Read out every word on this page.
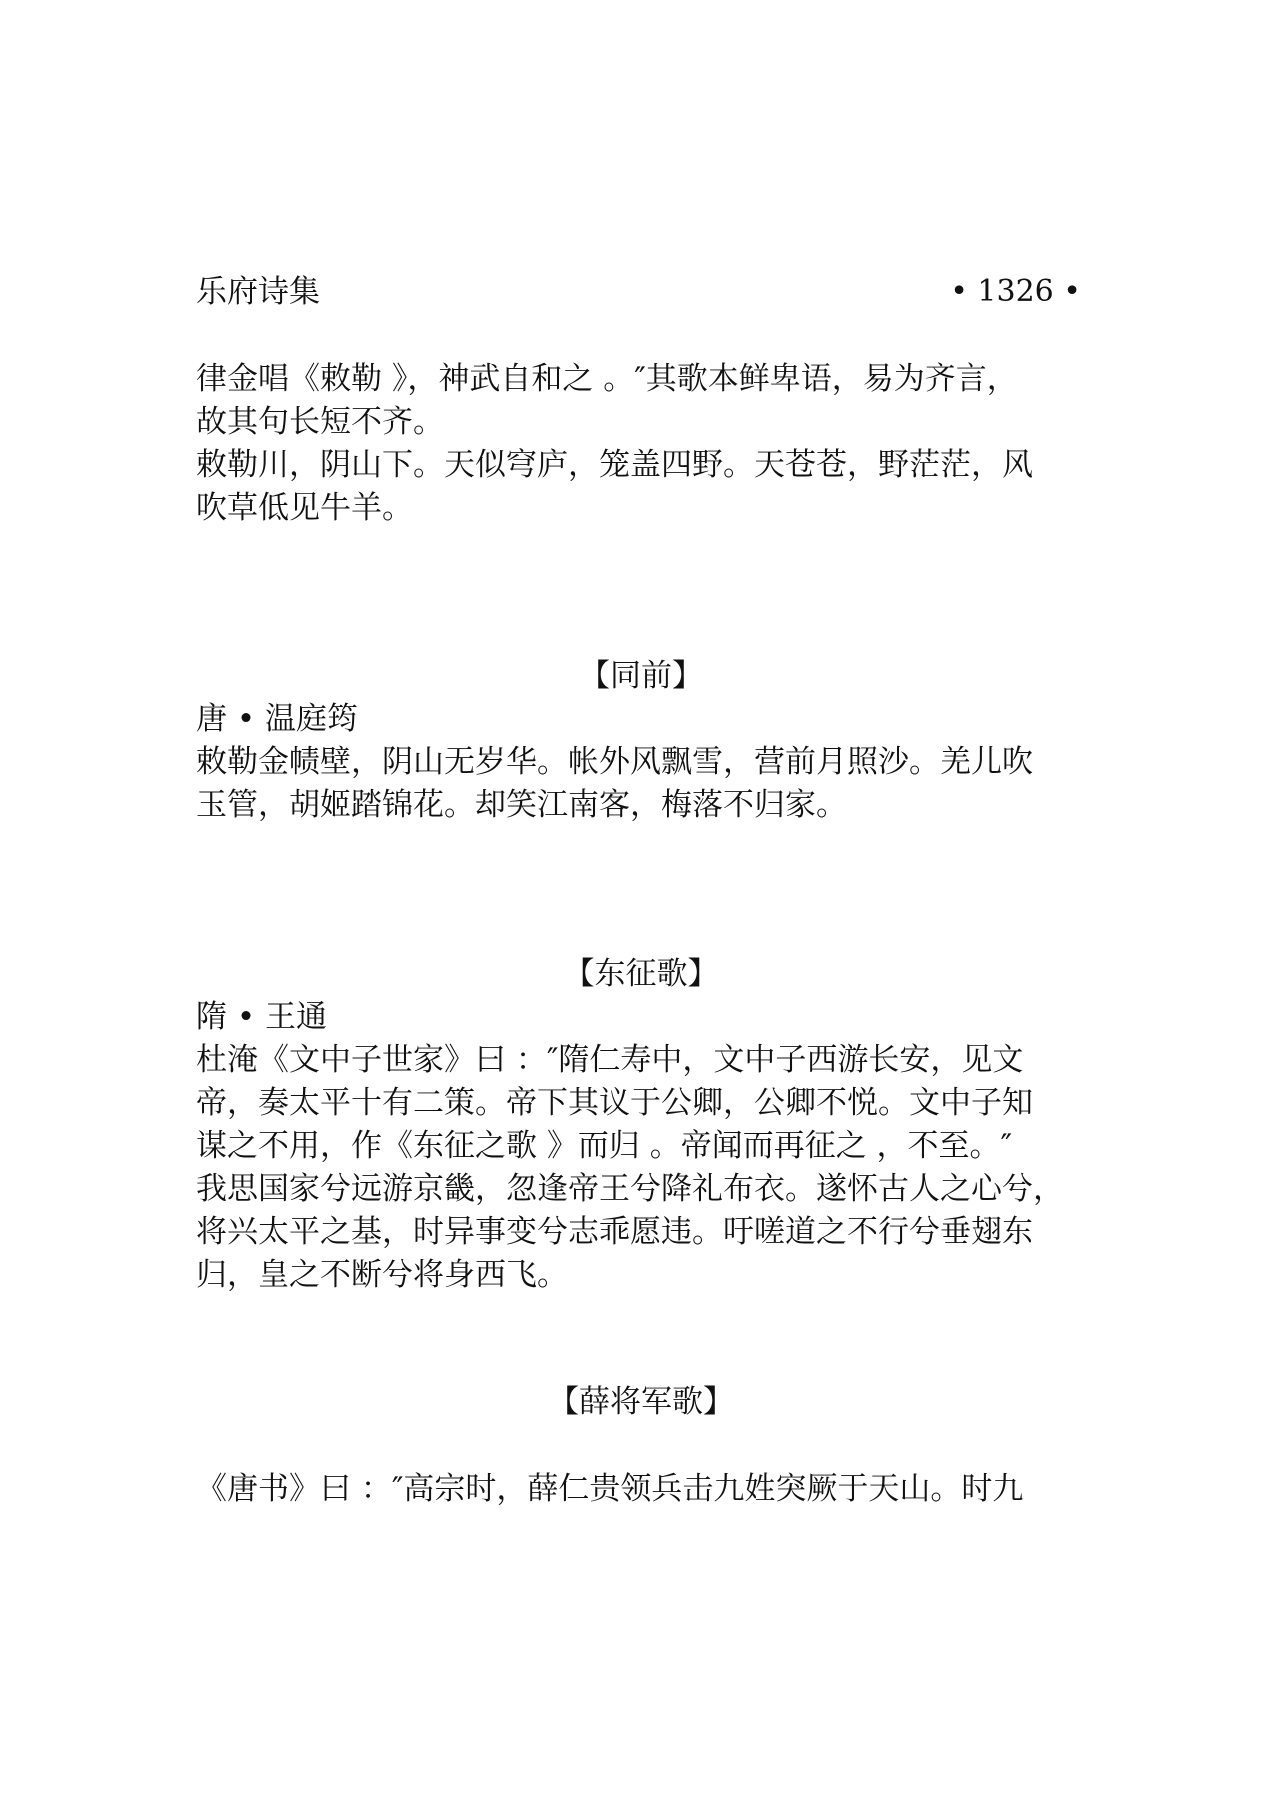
乐府诗集	• 1326 •
律金唱《敕勒 》，神武自和之 。″其歌本鲜卑语，易为齐言，
故其句长短不齐。
敕勒川，阴山下。天似穹庐，笼盖四野。天苍苍，野茫茫，风
吹草低见牛羊。
【同前】
唐 • 温庭筠
敕勒金帻壁，阴山无岁华。帐外风飘雪，营前月照沙。羌儿吹
玉管，胡姬踏锦花。却笑江南客，梅落不归家。
【东征歌】
隋 • 王通
杜淹《文中子世家》曰 ：″隋仁寿中，文中子西游长安，见文
帝，奏太平十有二策。帝下其议于公卿，公卿不悦。文中子知
谋之不用，作《东征之歌 》而归 。帝闻而再征之 ，不至。″
我思国家兮远游京畿，忽逢帝王兮降礼布衣。遂怀古人之心兮，
将兴太平之基，时异事变兮志乖愿违。吁嗟道之不行兮垂翅东
归，皇之不断兮将身西飞。
【薛将军歌】
《唐书》曰 ：″高宗时，薛仁贵领兵击九姓突厥于天山。时九
